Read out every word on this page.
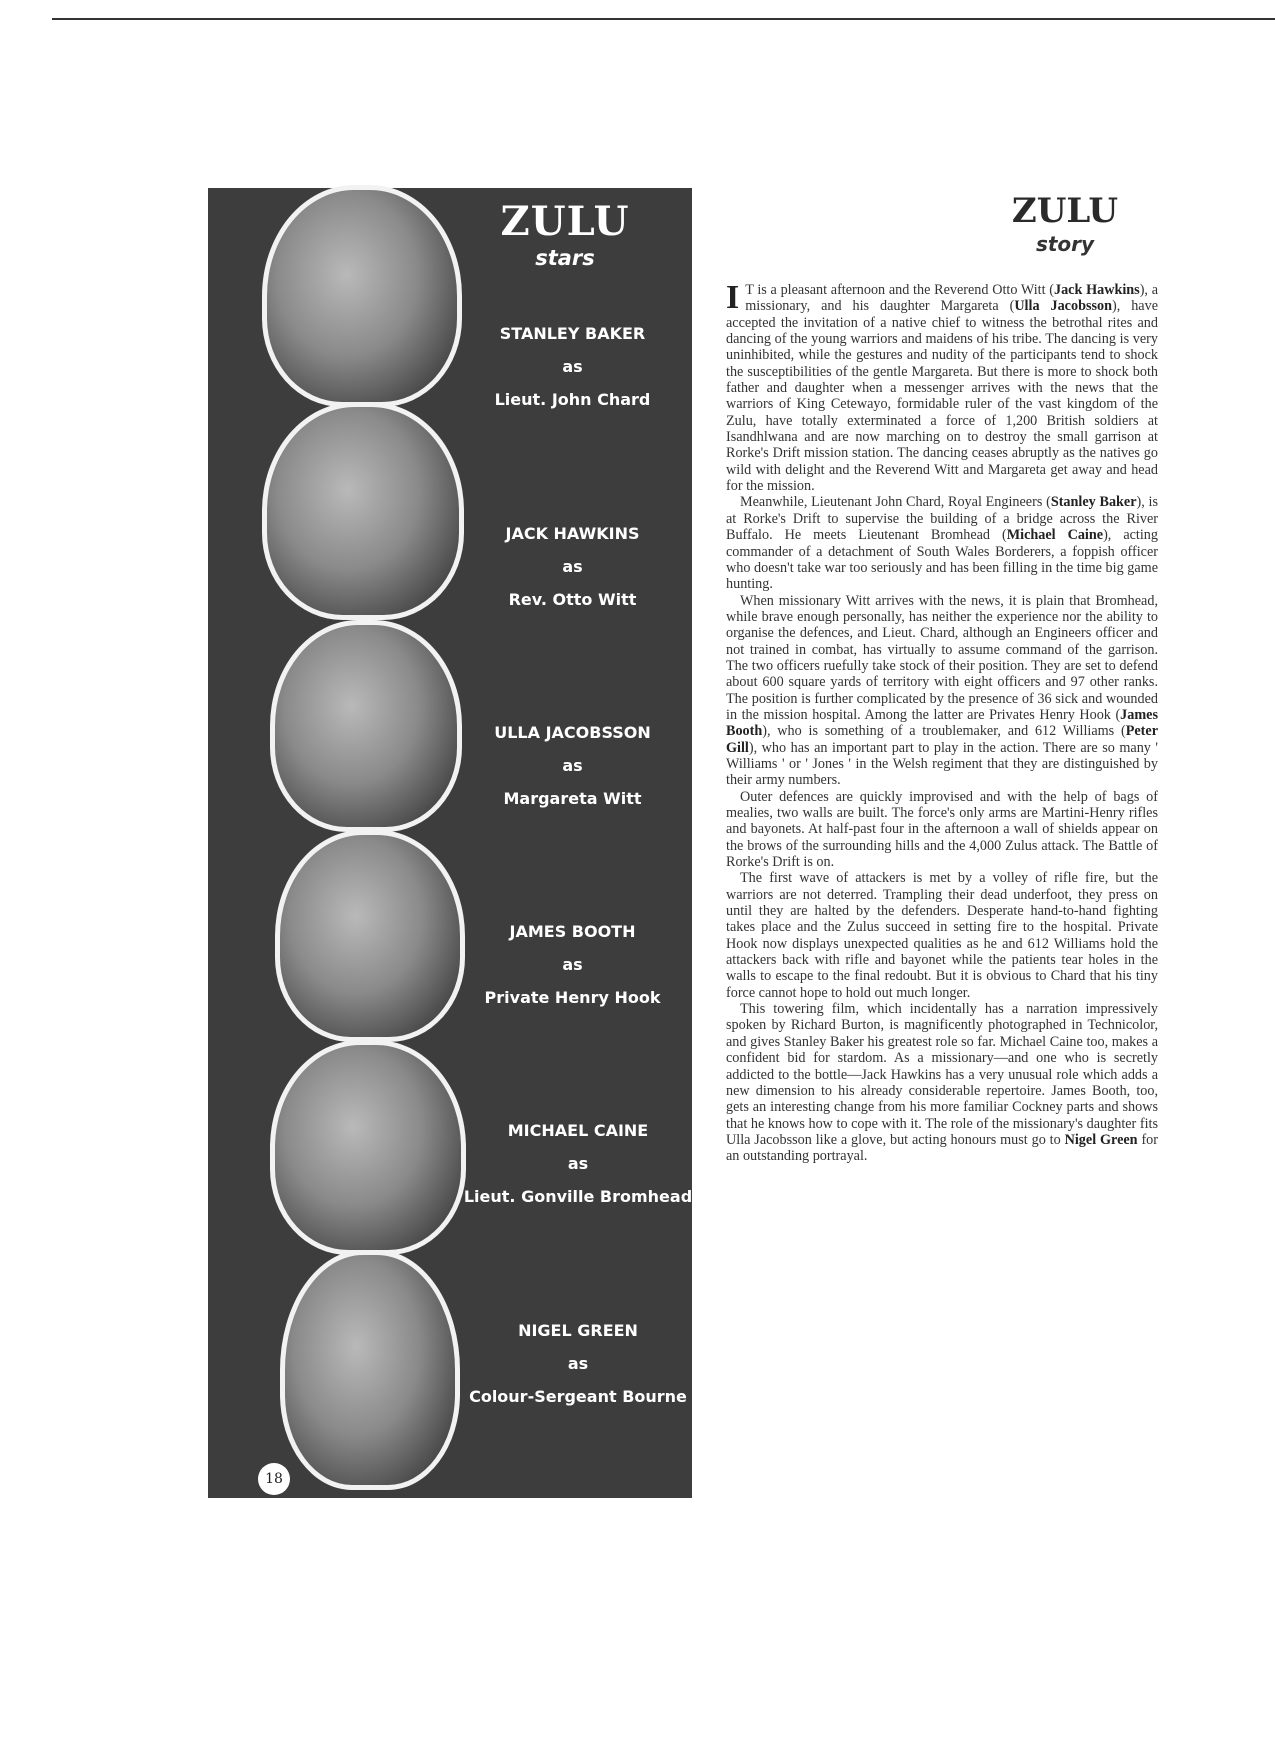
ZULU
stars
STANLEY BAKER
as
Lieut. John Chard
JACK HAWKINS
as
Rev. Otto Witt
ULLA JACOBSSON
as
Margareta Witt
JAMES BOOTH
as
Private Henry Hook
MICHAEL CAINE
as
Lieut. Gonville Bromhead
NIGEL GREEN
as
Colour-Sergeant Bourne
18
ZULU
story

I T is a pleasant afternoon and the Reverend Otto Witt (Jack Hawkins), a missionary, and his daughter Margareta (Ulla Jacobsson), have accepted the invitation of a native chief to witness the betrothal rites and dancing of the young warriors and maidens of his tribe. The dancing is very uninhibited, while the gestures and nudity of the participants tend to shock the susceptibilities of the gentle Margareta. But there is more to shock both father and daughter when a messenger arrives with the news that the warriors of King Cetewayo, formidable ruler of the vast kingdom of the Zulu, have totally exterminated a force of 1,200 British soldiers at Isandhlwana and are now marching on to destroy the small garrison at Rorke's Drift mission station. The dancing ceases abruptly as the natives go wild with delight and the Reverend Witt and Margareta get away and head for the mission.

Meanwhile, Lieutenant John Chard, Royal Engineers (Stanley Baker), is at Rorke's Drift to supervise the building of a bridge across the River Buffalo. He meets Lieutenant Bromhead (Michael Caine), acting commander of a detachment of South Wales Borderers, a foppish officer who doesn't take war too seriously and has been filling in the time big game hunting.

When missionary Witt arrives with the news, it is plain that Bromhead, while brave enough personally, has neither the experience nor the ability to organise the defences, and Lieut. Chard, although an Engineers officer and not trained in combat, has virtually to assume command of the garrison. The two officers ruefully take stock of their position. They are set to defend about 600 square yards of territory with eight officers and 97 other ranks. The position is further complicated by the presence of 36 sick and wounded in the mission hospital. Among the latter are Privates Henry Hook (James Booth), who is something of a troublemaker, and 612 Williams (Peter Gill), who has an important part to play in the action. There are so many ' Williams ' or ' Jones ' in the Welsh regiment that they are distinguished by their army numbers.

Outer defences are quickly improvised and with the help of bags of mealies, two walls are built. The force's only arms are Martini-Henry rifles and bayonets. At half-past four in the afternoon a wall of shields appear on the brows of the surrounding hills and the 4,000 Zulus attack. The Battle of Rorke's Drift is on.

The first wave of attackers is met by a volley of rifle fire, but the warriors are not deterred. Trampling their dead underfoot, they press on until they are halted by the defenders. Desperate hand-to-hand fighting takes place and the Zulus succeed in setting fire to the hospital. Private Hook now displays unexpected qualities as he and 612 Williams hold the attackers back with rifle and bayonet while the patients tear holes in the walls to escape to the final redoubt. But it is obvious to Chard that his tiny force cannot hope to hold out much longer.

This towering film, which incidentally has a narration impressively spoken by Richard Burton, is magnificently photographed in Technicolor, and gives Stanley Baker his greatest role so far. Michael Caine too, makes a confident bid for stardom. As a missionary—and one who is secretly addicted to the bottle—Jack Hawkins has a very unusual role which adds a new dimension to his already considerable repertoire. James Booth, too, gets an interesting change from his more familiar Cockney parts and shows that he knows how to cope with it. The role of the missionary's daughter fits Ulla Jacobsson like a glove, but acting honours must go to Nigel Green for an outstanding portrayal.
